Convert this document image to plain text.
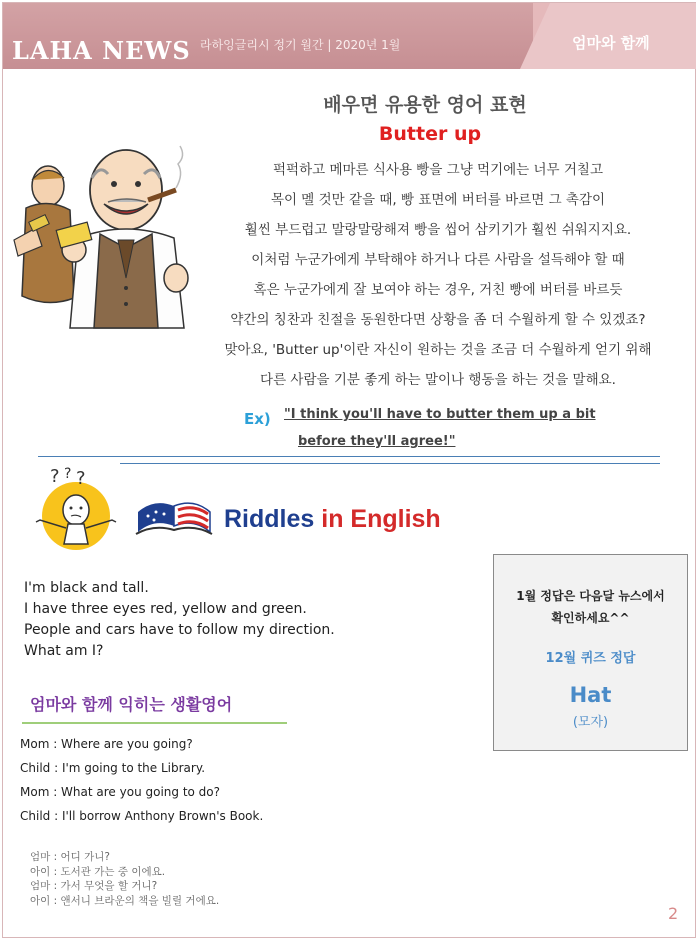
LAHA NEWS 라하잉글리시 정기 월간 | 2020년 1월	엄마와 함께
배우면 유용한 영어 표현
Butter up
퍽퍽하고 메마른 식사용 빵을 그냥 먹기에는 너무 거칠고
목이 멜 것만 같을 때, 빵 표면에 버터를 바르면 그 촉감이
훨씬 부드럽고 말랑말랑해져 빵을 씹어 삼키기가 훨씬 쉬워지지요.
이처럼 누군가에게 부탁해야 하거나 다른 사람을 설득해야 할 때
혹은 누군가에게 잘 보여야 하는 경우, 거친 빵에 버터를 바르듯
약간의 칭찬과 친절을 동원한다면 상황을 좀 더 수월하게 할 수 있겠죠?
맞아요, 'Butter up'이란 자신이 원하는 것을 조금 더 수월하게 얻기 위해
다른 사람을 기분 좋게 하는 말이나 행동을 하는 것을 말해요.
Ex) "I think you'll have to butter them up a bit
before they'll agree!"
? ? ?
Riddles in English
I'm black and tall.
I have three eyes red, yellow and green.
People and cars have to follow my direction.
What am I?
1월 정답은 다음달 뉴스에서
확인하세요^^
12월 퀴즈 정답
Hat
(모자)
엄마와 함께 익히는 생활영어
Mom : Where are you going?
Child : I'm going to the Library.
Mom : What are you going to do?
Child : I'll borrow Anthony Brown's Book.
엄마 : 어디 가니?
아이 : 도서관 가는 중 이에요.
엄마 : 가서 무엇을 할 거니?
아이 : 앤서니 브라운의 책을 빌릴 거에요.
2
